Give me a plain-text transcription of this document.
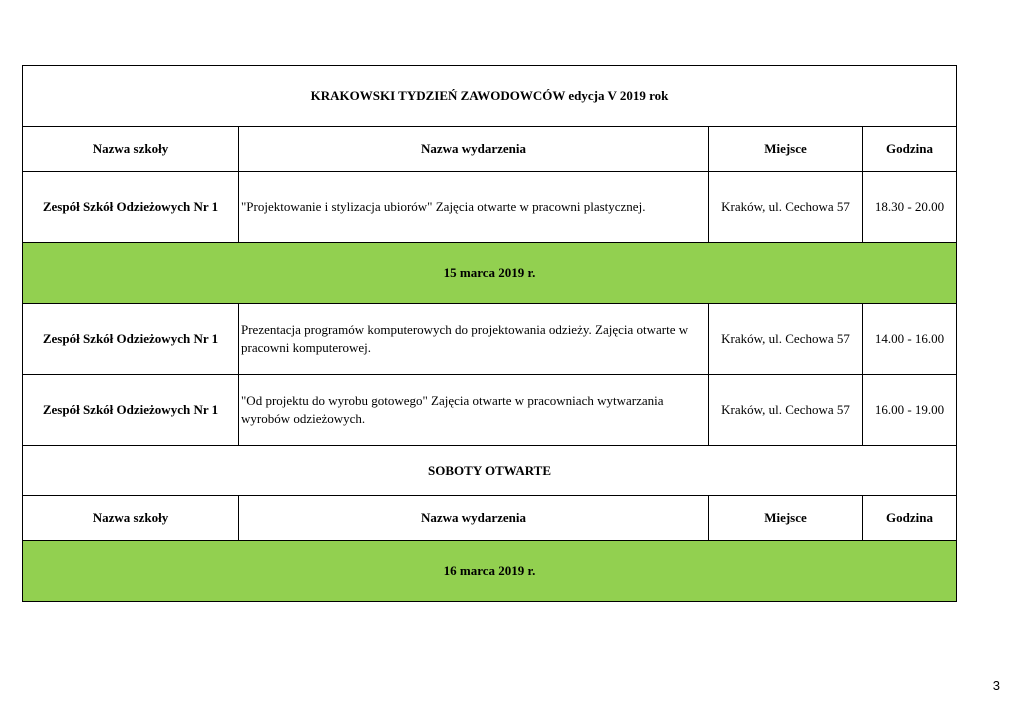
KRAKOWSKI TYDZIEŃ ZAWODOWCÓW edycja V 2019 rok			
Nazwa szkoły	Nazwa wydarzenia	Miejsce	Godzina
Zespół Szkół Odzieżowych Nr 1	"Projektowanie i stylizacja ubiorów" Zajęcia otwarte w pracowni plastycznej.	Kraków, ul. Cechowa 57	18.30 - 20.00
15 marca 2019 r.			
Zespół Szkół Odzieżowych Nr 1	Prezentacja programów komputerowych do projektowania odzieży. Zajęcia otwarte w pracowni komputerowej.	Kraków, ul. Cechowa 57	14.00 - 16.00
Zespół Szkół Odzieżowych Nr 1	"Od projektu do wyrobu gotowego" Zajęcia otwarte w pracowniach wytwarzania wyrobów odzieżowych.	Kraków, ul. Cechowa 57	16.00 - 19.00
SOBOTY OTWARTE			
Nazwa szkoły	Nazwa wydarzenia	Miejsce	Godzina
16 marca 2019 r.			
3
